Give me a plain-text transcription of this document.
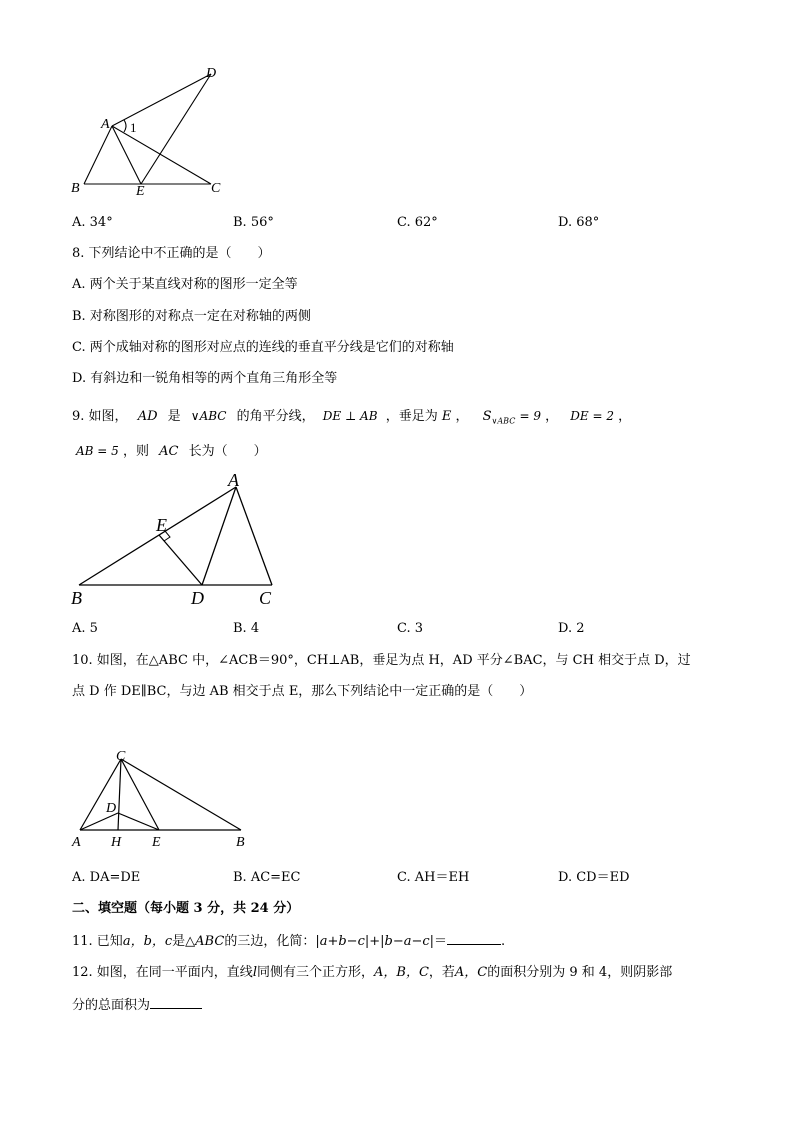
D
A 1
B	E	C
A. 34°	B. 56°	C. 62°	D. 68°
8. 下列结论中不正确的是（　　）
A. 两个关于某直线对称的图形一定全等
B. 对称图形的对称点一定在对称轴的两侧
C. 两个成轴对称的图形对应点的连线的垂直平分线是它们的对称轴
D. 有斜边和一锐角相等的两个直角三角形全等
9. 如图， AD 是 ∨ABC 的角平分线， DE ⊥ AB ，垂足为 E ， $S_{\vee ABC} = 9$ ， DE = 2 ，
AB = 5 ，则 AC 长为（　　）
A
E
B	D	C
A. 5	B. 4	C. 3	D. 2
10. 如图，在△ABC 中，∠ACB＝90°，CH⊥AB，垂足为点 H，AD 平分∠BAC，与 CH 相交于点 D，过
点 D 作 DE∥BC，与边 AB 相交于点 E，那么下列结论中一定正确的是（　　）
C
D
A H E	B
A. DA=DE	B. AC=EC	C. AH＝EH	D. CD＝ED
二、填空题（每小题 3 分，共 24 分）
11. 已知a，b，c是△ABC的三边，化简：|a+b−c|+|b−a−c|＝	.
12. 如图，在同一平面内，直线l同侧有三个正方形，A，B，C，若A，C的面积分别为 9 和 4，则阴影部
分的总面积为
